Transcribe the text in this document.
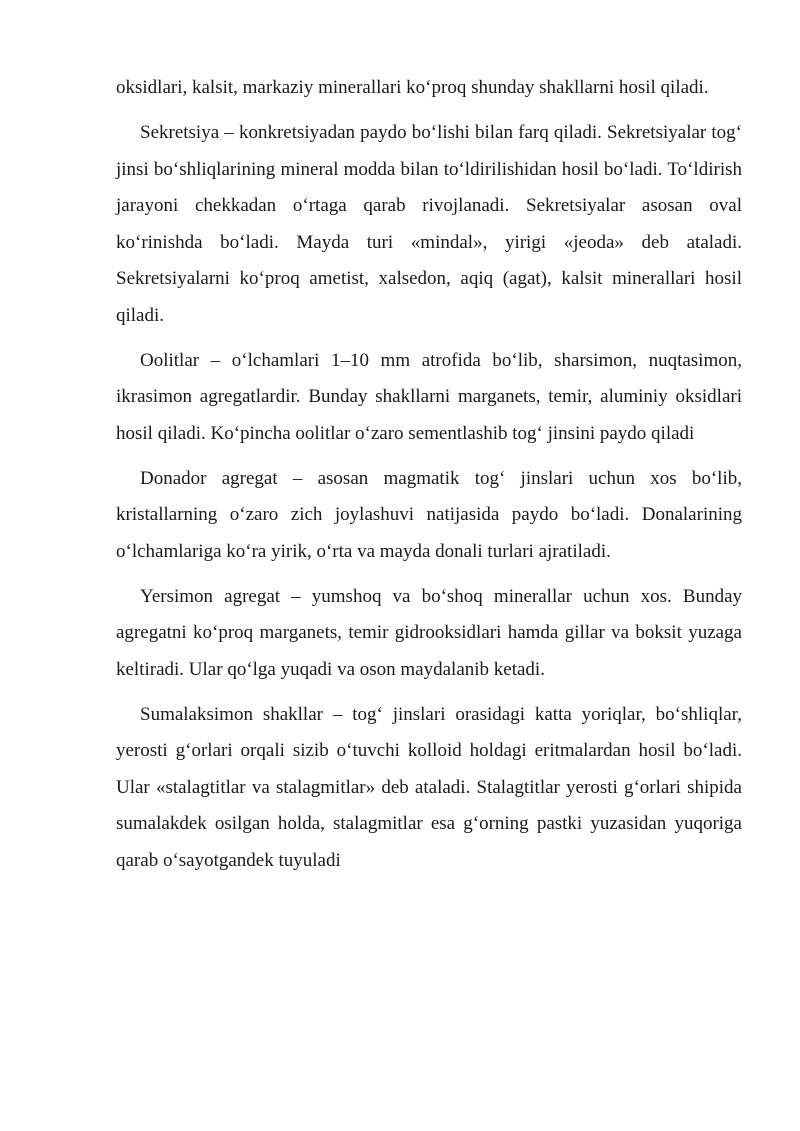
oksidlari, kalsit, markaziy minerallari ko‘proq shunday shakllarni hosil qiladi.

Sekretsiya – konkretsiyadan paydo bo‘lishi bilan farq qiladi. Sekretsiyalar tog‘ jinsi bo‘shliqlarining mineral modda bilan to‘ldirilishidan hosil bo‘ladi. To‘ldirish jarayoni chekkadan o‘rtaga qarab rivojlanadi. Sekretsiyalar asosan oval ko‘rinishda bo‘ladi. Mayda turi «mindal», yirigi «jeoda» deb ataladi. Sekretsiyalarni ko‘proq ametist, xalsedon, aqiq (agat), kalsit minerallari hosil qiladi.

Oolitlar – o‘lchamlari 1–10 mm atrofida bo‘lib, sharsimon, nuqtasimon, ikrasimon agregatlardir. Bunday shakllarni marganets, temir, aluminiy oksidlari hosil qiladi. Ko‘pincha oolitlar o‘zaro sementlashib tog‘ jinsini paydo qiladi

Donador agregat – asosan magmatik tog‘ jinslari uchun xos bo‘lib, kristallarning o‘zaro zich joylashuvi natijasida paydo bo‘ladi. Donalarining o‘lchamlariga ko‘ra yirik, o‘rta va mayda donali turlari ajratiladi.

Yersimon agregat – yumshoq va bo‘shoq minerallar uchun xos. Bunday agregatni ko‘proq marganets, temir gidrooksidlari hamda gillar va boksit yuzaga keltiradi. Ular qo‘lga yuqadi va oson maydalanib ketadi.

Sumalaksimon shakllar – tog‘ jinslari orasidagi katta yoriqlar, bo‘shliqlar, yerosti g‘orlari orqali sizib o‘tuvchi kolloid holdagi eritmalardan hosil bo‘ladi. Ular «stalagtitlar va stalagmitlar» deb ataladi. Stalagtitlar yerosti g‘orlari shipida sumalakdek osilgan holda, stalagmitlar esa g‘orning pastki yuzasidan yuqoriga qarab o‘sayotgandek tuyuladi
